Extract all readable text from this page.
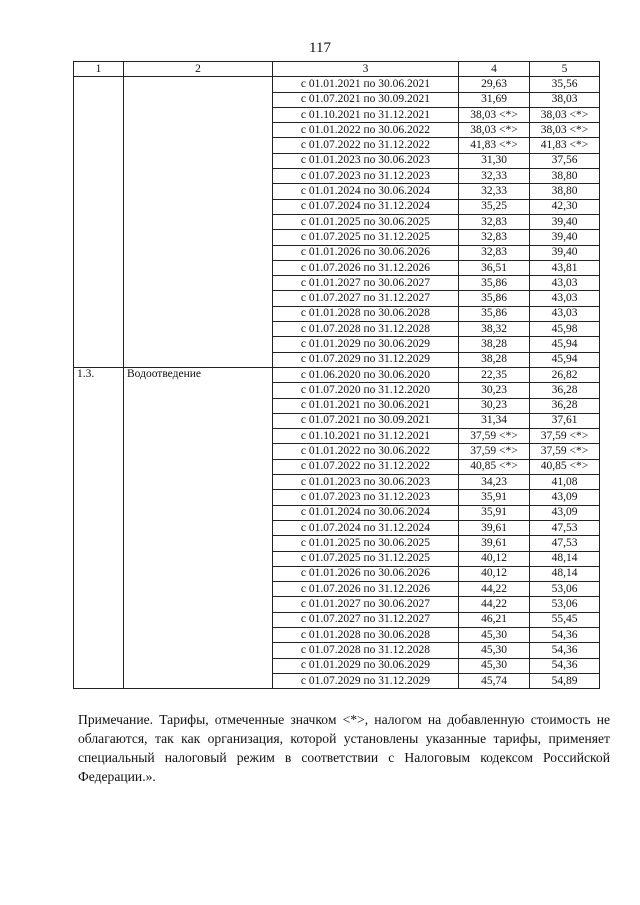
117
1	2	3	4	5
		с 01.01.2021 по 30.06.2021	29,63	35,56
		с 01.07.2021 по 30.09.2021	31,69	38,03
		с 01.10.2021 по 31.12.2021	38,03 <*>	38,03 <*>
		с 01.01.2022 по 30.06.2022	38,03 <*>	38,03 <*>
		с 01.07.2022 по 31.12.2022	41,83 <*>	41,83 <*>
		с 01.01.2023 по 30.06.2023	31,30	37,56
		с 01.07.2023 по 31.12.2023	32,33	38,80
		с 01.01.2024 по 30.06.2024	32,33	38,80
		с 01.07.2024 по 31.12.2024	35,25	42,30
		с 01.01.2025 по 30.06.2025	32,83	39,40
		с 01.07.2025 по 31.12.2025	32,83	39,40
		с 01.01.2026 по 30.06.2026	32,83	39,40
		с 01.07.2026 по 31.12.2026	36,51	43,81
		с 01.01.2027 по 30.06.2027	35,86	43,03
		с 01.07.2027 по 31.12.2027	35,86	43,03
		с 01.01.2028 по 30.06.2028	35,86	43,03
		с 01.07.2028 по 31.12.2028	38,32	45,98
		с 01.01.2029 по 30.06.2029	38,28	45,94
		с 01.07.2029 по 31.12.2029	38,28	45,94
1.3.	Водоотведение	с 01.06.2020 по 30.06.2020	22,35	26,82
		с 01.07.2020 по 31.12.2020	30,23	36,28
		с 01.01.2021 по 30.06.2021	30,23	36,28
		с 01.07.2021 по 30.09.2021	31,34	37,61
		с 01.10.2021 по 31.12.2021	37,59 <*>	37,59 <*>
		с 01.01.2022 по 30.06.2022	37,59 <*>	37,59 <*>
		с 01.07.2022 по 31.12.2022	40,85 <*>	40,85 <*>
		с 01.01.2023 по 30.06.2023	34,23	41,08
		с 01.07.2023 по 31.12.2023	35,91	43,09
		с 01.01.2024 по 30.06.2024	35,91	43,09
		с 01.07.2024 по 31.12.2024	39,61	47,53
		с 01.01.2025 по 30.06.2025	39,61	47,53
		с 01.07.2025 по 31.12.2025	40,12	48,14
		с 01.01.2026 по 30.06.2026	40,12	48,14
		с 01.07.2026 по 31.12.2026	44,22	53,06
		с 01.01.2027 по 30.06.2027	44,22	53,06
		с 01.07.2027 по 31.12.2027	46,21	55,45
		с 01.01.2028 по 30.06.2028	45,30	54,36
		с 01.07.2028 по 31.12.2028	45,30	54,36
		с 01.01.2029 по 30.06.2029	45,30	54,36
		с 01.07.2029 по 31.12.2029	45,74	54,89
Примечание. Тарифы, отмеченные значком <*>, налогом на добавленную стоимость не облагаются, так как организация, которой установлены указанные тарифы, применяет специальный налоговый режим в соответствии с Налоговым кодексом Российской Федерации.».
